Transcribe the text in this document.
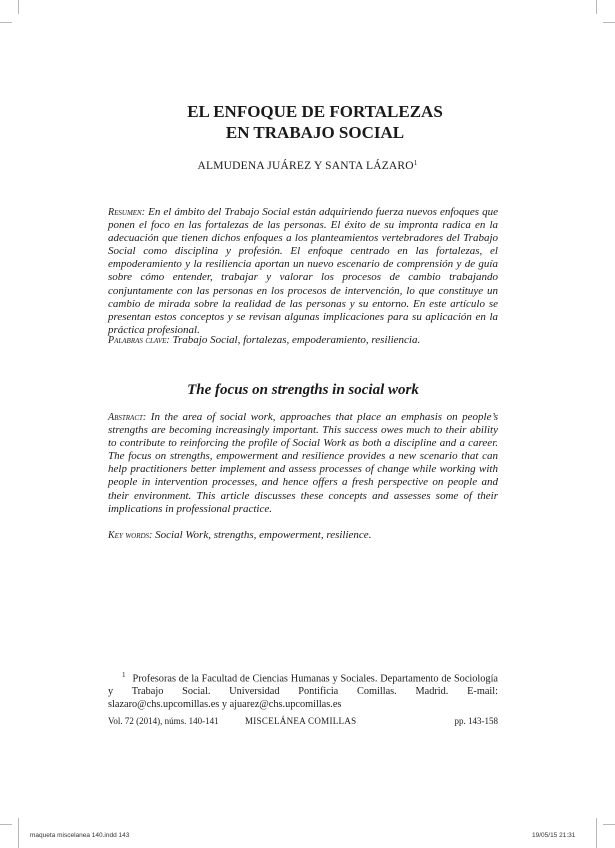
EL ENFOQUE DE FORTALEZAS
EN TRABAJO SOCIAL
ALMUDENA JUÁREZ Y SANTA LÁZARO$^1$
Resumen: En el ámbito del Trabajo Social están adquiriendo fuerza nuevos enfoques que ponen el foco en las fortalezas de las personas. El éxito de su impronta radica en la adecuación que tienen dichos enfoques a los planteamientos vertebradores del Trabajo Social como disciplina y profesión. El enfoque centrado en las fortalezas, el empoderamiento y la resiliencia aportan un nuevo escenario de comprensión y de guía sobre cómo entender, trabajar y valorar los procesos de cambio trabajando conjuntamente con las personas en los procesos de intervención, lo que constituye un cambio de mirada sobre la realidad de las personas y su entorno. En este artículo se presentan estos conceptos y se revisan algunas implicaciones para su aplicación en la práctica profesional.
Palabras clave: Trabajo Social, fortalezas, empoderamiento, resiliencia.
The focus on strengths in social work
Abstract: In the area of social work, approaches that place an emphasis on people’s strengths are becoming increasingly important. This success owes much to their ability to contribute to reinforcing the profile of Social Work as both a discipline and a career. The focus on strengths, empowerment and resilience provides a new scenario that can help practitioners better implement and assess processes of change while working with people in intervention processes, and hence offers a fresh perspective on people and their environment. This article discusses these concepts and assesses some of their implications in professional practice.
Key words: Social Work, strengths, empowerment, resilience.
$^1$ Profesoras de la Facultad de Ciencias Humanas y Sociales. Departamento de Sociología y Trabajo Social. Universidad Pontificia Comillas. Madrid. E-mail: slazaro@chs.upcomillas.es y ajuarez@chs.upcomillas.es
Vol. 72 (2014), núms. 140-141	MISCELÁNEA COMILLAS	pp. 143-158
maqueta miscelanea 140.indd 143	19/05/15 21:31
